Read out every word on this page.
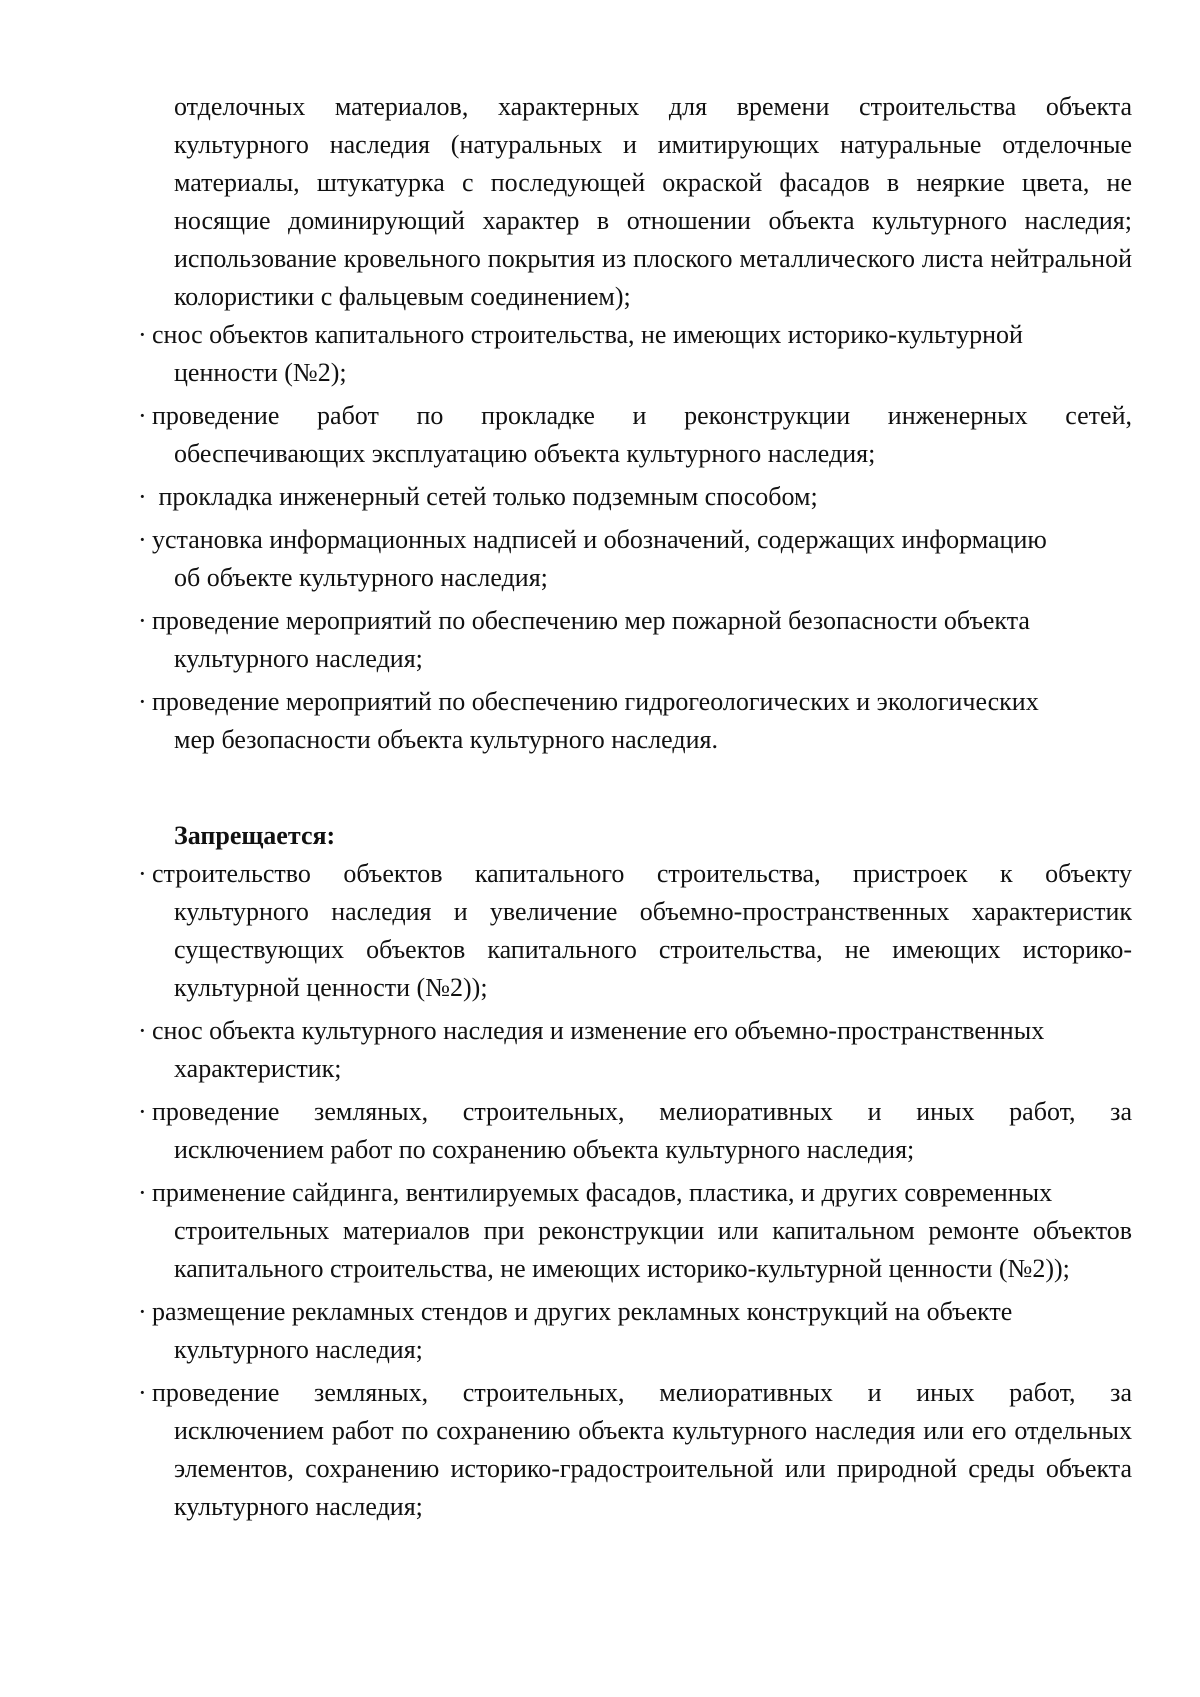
отделочных материалов, характерных для времени строительства объекта культурного наследия (натуральных и имитирующих натуральные отделочные материалы, штукатурка с последующей окраской фасадов в неяркие цвета, не носящие доминирующий характер в отношении объекта культурного наследия; использование кровельного покрытия из плоского металлического листа нейтральной колористики с фальцевым соединением);

· снос объектов капитального строительства, не имеющих историко-культурной
ценности (№2);
· проведение работ по прокладке и реконструкции инженерных сетей,
обеспечивающих эксплуатацию объекта культурного наследия;
· прокладка инженерный сетей только подземным способом;
· установка информационных надписей и обозначений, содержащих информацию
об объекте культурного наследия;
· проведение мероприятий по обеспечению мер пожарной безопасности объекта
культурного наследия;
· проведение мероприятий по обеспечению гидрогеологических и экологических
мер безопасности объекта культурного наследия.

Запрещается:

· строительство объектов капитального строительства, пристроек к объекту
культурного наследия и увеличение объемно-пространственных характеристик существующих объектов капитального строительства, не имеющих историко-культурной ценности (№2));
· снос объекта культурного наследия и изменение его объемно-пространственных
характеристик;
· проведение земляных, строительных, мелиоративных и иных работ, за
исключением работ по сохранению объекта культурного наследия;
· применение сайдинга, вентилируемых фасадов, пластика, и других современных
строительных материалов при реконструкции или капитальном ремонте объектов капитального строительства, не имеющих историко-культурной ценности (№2));
· размещение рекламных стендов и других рекламных конструкций на объекте
культурного наследия;
· проведение земляных, строительных, мелиоративных и иных работ, за
исключением работ по сохранению объекта культурного наследия или его отдельных элементов, сохранению историко-градостроительной или природной среды объекта культурного наследия;
